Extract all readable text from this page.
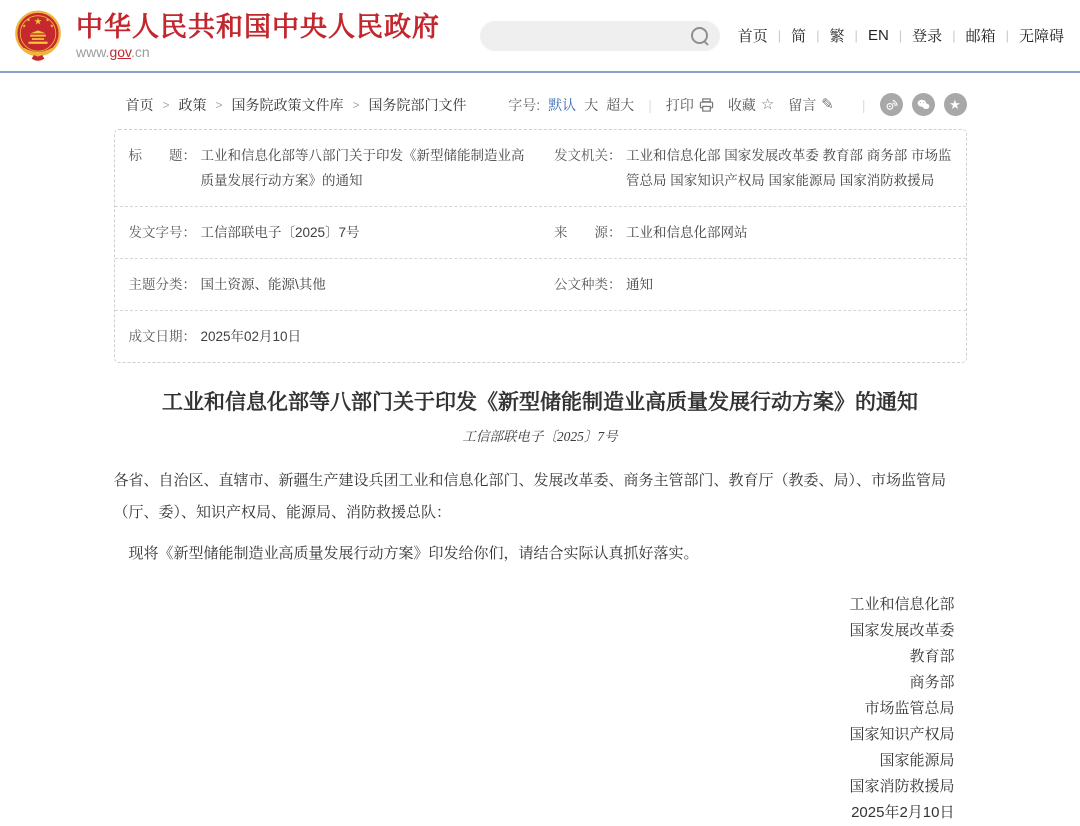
★
★	★
★	★ 中华人民共和国中央人民政府
www.gov.cn
首页 | 简 | 繁 | EN | 登录 | 邮箱 | 无障碍
首页 > 政策 > 国务院政策文件库 > 国务院部门文件	字号: 默认 大 超大 | 打印 收藏 ☆ 留言 ✎ |	★
标　　题： 工业和信息化部等八部门关于印发《新型储能制造业高质量发展行动方案》的通知
发文机关： 工业和信息化部 国家发展改革委 教育部 商务部 市场监管总局 国家知识产权局 国家能源局 国家消防救援局
发文字号： 工信部联电子〔2025〕7号	来　　源： 工业和信息化部网站
主题分类： 国土资源、能源\其他	公文种类： 通知
成文日期： 2025年02月10日
工业和信息化部等八部门关于印发《新型储能制造业高质量发展行动方案》的通知
工信部联电子〔2025〕7号

各省、自治区、直辖市、新疆生产建设兵团工业和信息化部门、发展改革委、商务主管部门、教育厅（教委、局）、市场监管局（厅、委）、知识产权局、能源局、消防救援总队：

现将《新型储能制造业高质量发展行动方案》印发给你们，请结合实际认真抓好落实。

工业和信息化部
国家发展改革委
教育部
商务部
市场监管总局
国家知识产权局
国家能源局
国家消防救援局
2025年2月10日
